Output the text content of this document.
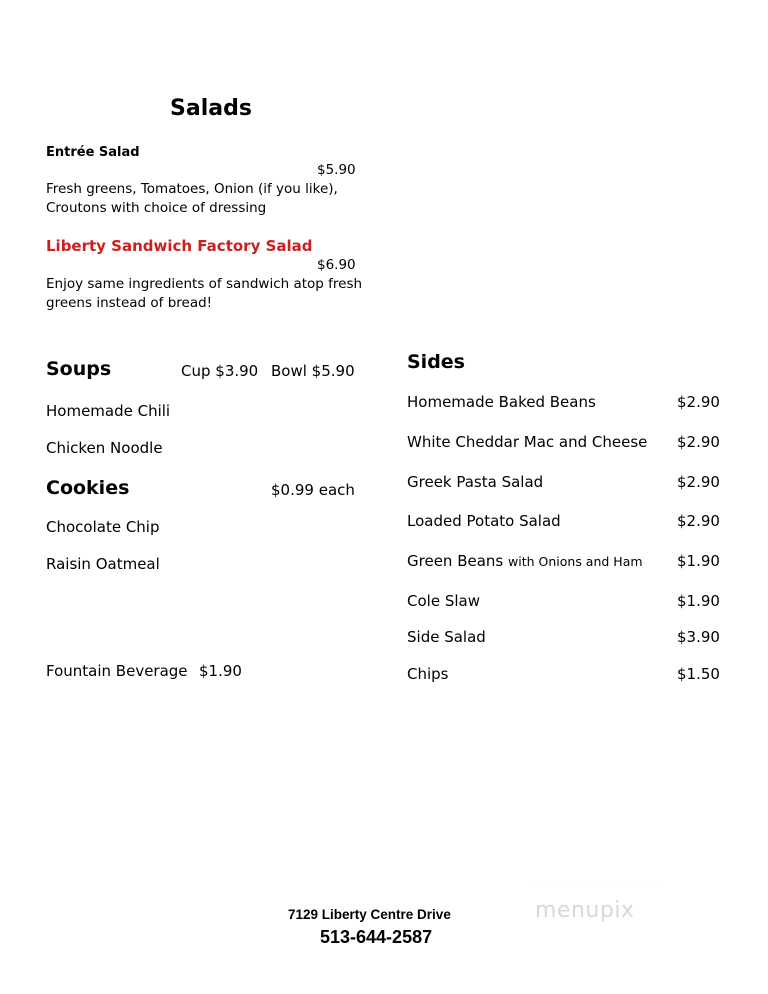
Salads
Entrée Salad
$5.90
Fresh greens, Tomatoes, Onion (if you like),
Croutons with choice of dressing
Liberty Sandwich Factory Salad
$6.90
Enjoy same ingredients of sandwich atop fresh
greens instead of bread!
Soups	Cup $3.90 Bowl $5.90
Homemade Chili
Chicken Noodle
Cookies	$0.99 each
Chocolate Chip
Raisin Oatmeal
Fountain Beverage $1.90
Sides
Homemade Baked Beans	$2.90
White Cheddar Mac and Cheese $2.90
Greek Pasta Salad	$2.90
Loaded Potato Salad	$2.90
Green Beans with Onions and Ham $1.90
Cole Slaw	$1.90
Side Salad	$3.90
Chips	$1.50
7129 Liberty Centre Drive
513-644-2587
· · · · · · · · · · · · · · · · ·
menupix
